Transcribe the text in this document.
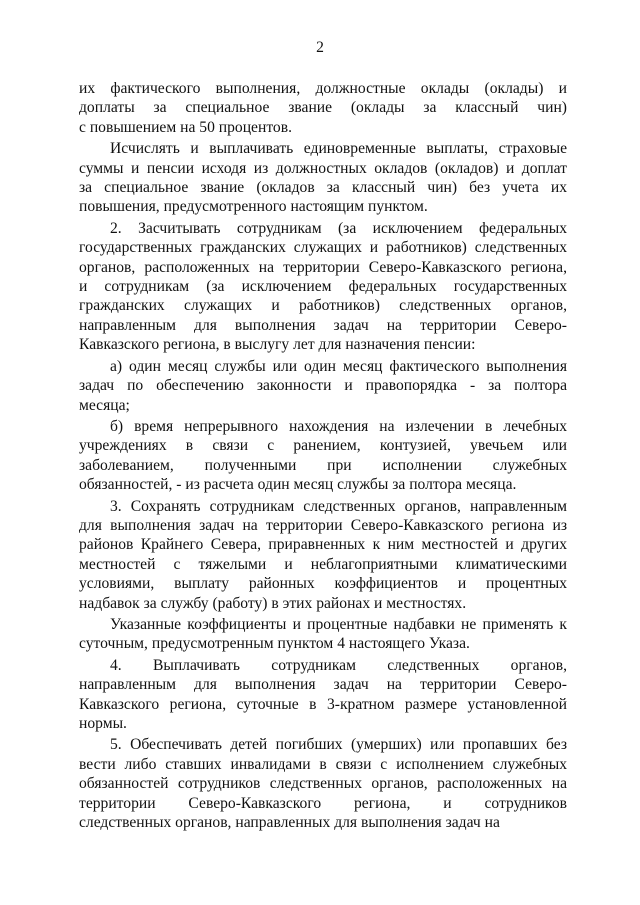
2
их фактического выполнения, должностные оклады (оклады) и
доплаты за специальное звание (оклады за классный чин)
с повышением на 50 процентов.
Исчислять и выплачивать единовременные выплаты, страховые
суммы и пенсии исходя из должностных окладов (окладов) и доплат
за специальное звание (окладов за классный чин) без учета их
повышения, предусмотренного настоящим пунктом.
2. Засчитывать сотрудникам (за исключением федеральных
государственных гражданских служащих и работников) следственных
органов, расположенных на территории Северо-Кавказского региона,
и сотрудникам (за исключением федеральных государственных
гражданских служащих и работников) следственных органов,
направленным для выполнения задач на территории Северо-
Кавказского региона, в выслугу лет для назначения пенсии:
а) один месяц службы или один месяц фактического выполнения
задач по обеспечению законности и правопорядка - за полтора
месяца;
б) время непрерывного нахождения на излечении в лечебных
учреждениях в связи с ранением, контузией, увечьем или
заболеванием, полученными при исполнении служебных
обязанностей, - из расчета один месяц службы за полтора месяца.
3. Сохранять сотрудникам следственных органов, направленным
для выполнения задач на территории Северо-Кавказского региона из
районов Крайнего Севера, приравненных к ним местностей и других
местностей с тяжелыми и неблагоприятными климатическими
условиями, выплату районных коэффициентов и процентных
надбавок за службу (работу) в этих районах и местностях.
Указанные коэффициенты и процентные надбавки не применять к
суточным, предусмотренным пунктом 4 настоящего Указа.
4. Выплачивать сотрудникам следственных органов,
направленным для выполнения задач на территории Северо-
Кавказского региона, суточные в 3-кратном размере установленной
нормы.
5. Обеспечивать детей погибших (умерших) или пропавших без
вести либо ставших инвалидами в связи с исполнением служебных
обязанностей сотрудников следственных органов, расположенных на
территории Северо-Кавказского региона, и сотрудников
следственных органов, направленных для выполнения задач на
